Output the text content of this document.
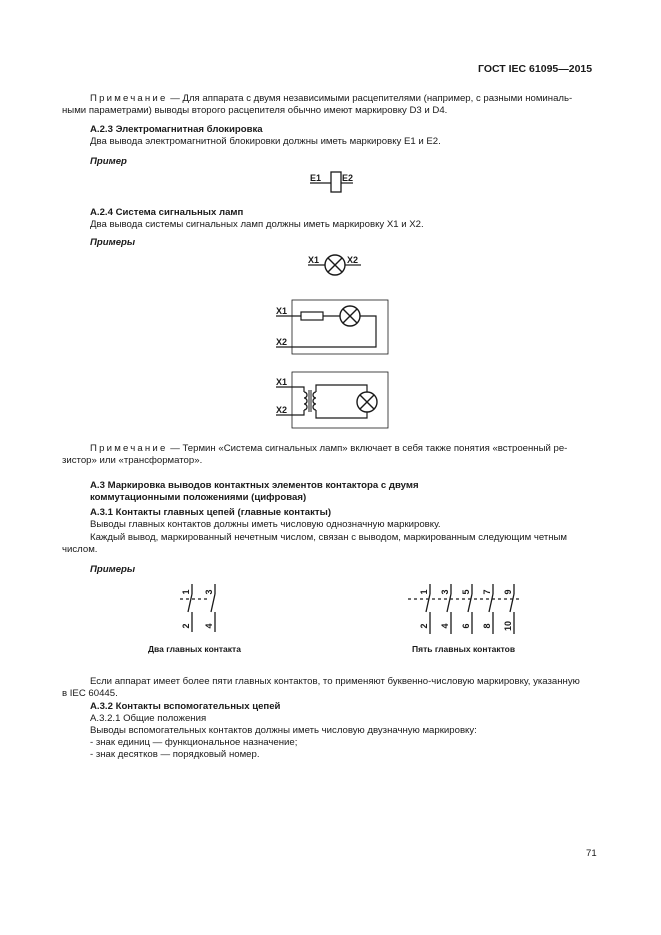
ГОСТ IEC 61095—2015
Примечание — Для аппарата с двумя независимыми расцепителями (например, с разными номиналь-
ными параметрами) выводы второго расцепителя обычно имеют маркировку D3 и D4.
А.2.3 Электромагнитная блокировка
Два вывода электромагнитной блокировки должны иметь маркировку Е1 и Е2.
Пример
E1 E2
А.2.4 Система сигнальных ламп
Два вывода системы сигнальных ламп должны иметь маркировку Х1 и Х2.
Примеры
X1	X2
X1
X2
X1
X2
Примечание — Термин «Система сигнальных ламп» включает в себя также понятия «встроенный ре-
зистор» или «трансформатор».
А.3 Маркировка выводов контактных элементов контактора с двумя
коммутационными положениями (цифровая)
А.3.1 Контакты главных цепей (главные контакты)
Выводы главных контактов должны иметь числовую однозначную маркировку.
Каждый вывод, маркированный нечетным числом, связан с выводом, маркированным следующим четным
числом.
Примеры
1
2
3
4
Два главных контакта
1
2
3
4
5
6
7
8
9
10
Пять главных контактов
Если аппарат имеет более пяти главных контактов, то применяют буквенно-числовую маркировку, указанную
в IEC 60445.
А.3.2 Контакты вспомогательных цепей
А.3.2.1 Общие положения
Выводы вспомогательных контактов должны иметь числовую двузначную маркировку:
- знак единиц — функциональное назначение;
- знак десятков — порядковый номер.
71
